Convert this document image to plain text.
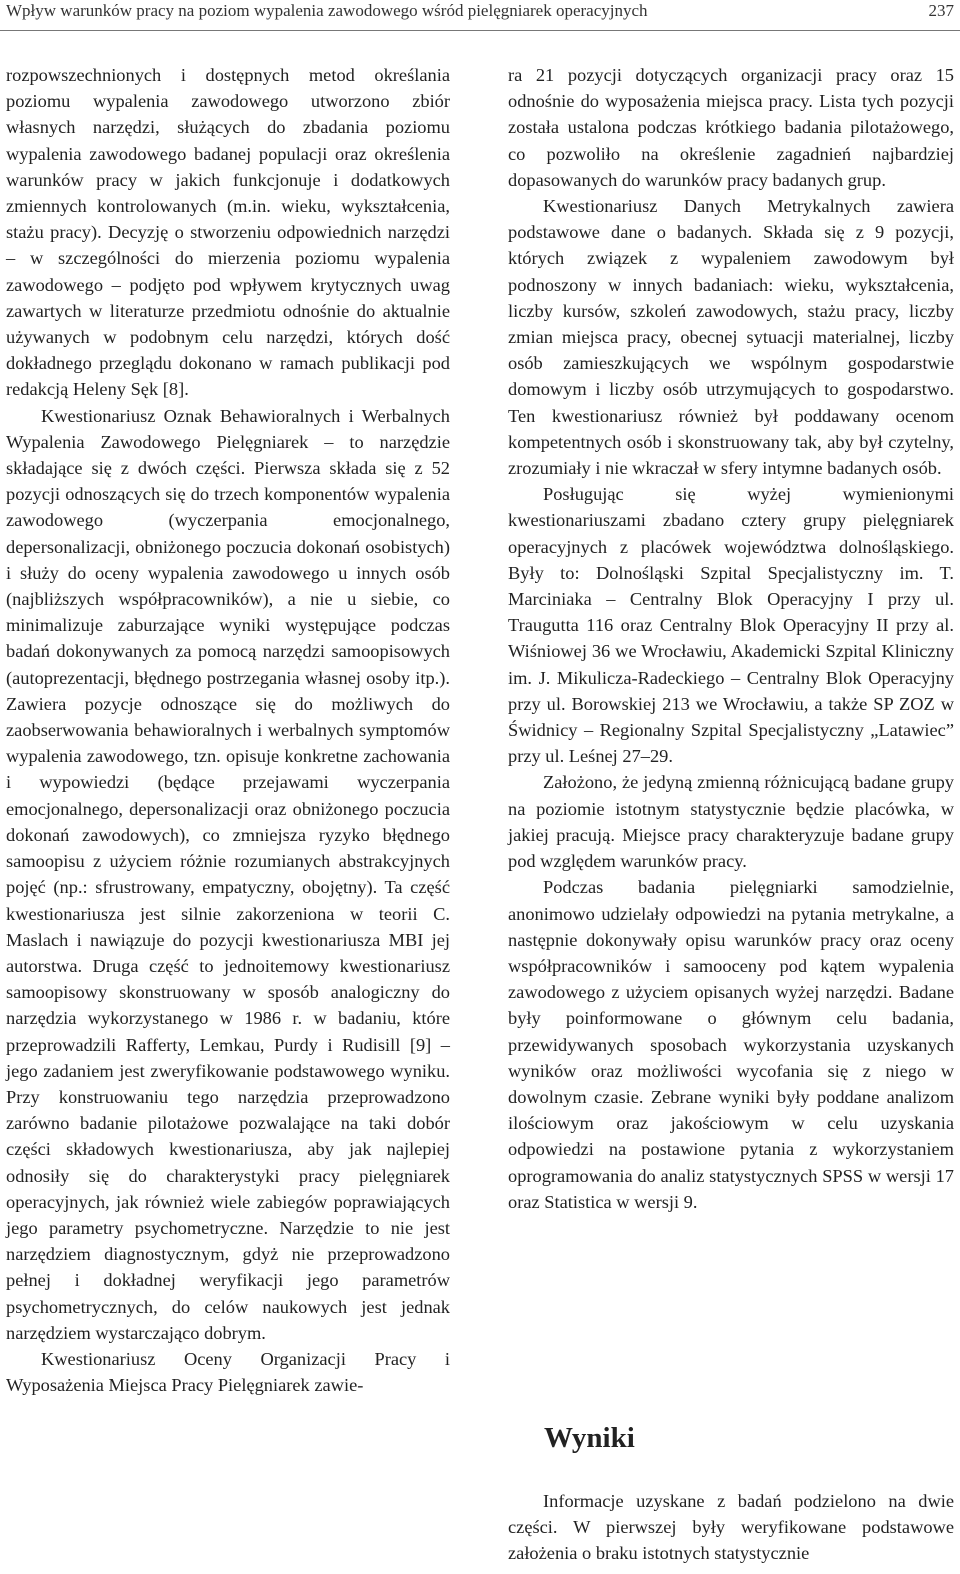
Wpływ warunków pracy na poziom wypalenia zawodowego wśród pielęgniarek operacyjnych	237

rozpowszechnionych i dostępnych metod określania poziomu wypalenia zawodowego utworzono zbiór własnych narzędzi, służących do zbadania poziomu wypalenia zawodowego badanej populacji oraz określenia warunków pracy w jakich funkcjonuje i dodatkowych zmiennych kontrolowanych (m.in. wieku, wykształcenia, stażu pracy). Decyzję o stworzeniu odpowiednich narzędzi – w szczególności do mierzenia poziomu wypalenia zawodowego – podjęto pod wpływem krytycznych uwag zawartych w literaturze przedmiotu odnośnie do aktualnie używanych w podobnym celu narzędzi, których dość dokładnego przeglądu dokonano w ramach publikacji pod redakcją Heleny Sęk [8].

Kwestionariusz Oznak Behawioralnych i Werbalnych Wypalenia Zawodowego Pielęgniarek – to narzędzie składające się z dwóch części. Pierwsza składa się z 52 pozycji odnoszących się do trzech komponentów wypalenia zawodowego (wyczerpania emocjonalnego, depersonalizacji, obniżonego poczucia dokonań osobistych) i służy do oceny wypalenia zawodowego u innych osób (najbliższych współpracowników), a nie u siebie, co minimalizuje zaburzające wyniki występujące podczas badań dokonywanych za pomocą narzędzi samoopisowych (autoprezentacji, błędnego postrzegania własnej osoby itp.). Zawiera pozycje odnoszące się do możliwych do zaobserwowania behawioralnych i werbalnych symptomów wypalenia zawodowego, tzn. opisuje konkretne zachowania i wypowiedzi (będące przejawami wyczerpania emocjonalnego, depersonalizacji oraz obniżonego poczucia dokonań zawodowych), co zmniejsza ryzyko błędnego samoopisu z użyciem różnie rozumianych abstrakcyjnych pojęć (np.: sfrustrowany, empatyczny, obojętny). Ta część kwestionariusza jest silnie zakorzeniona w teorii C. Maslach i nawiązuje do pozycji kwestionariusza MBI jej autorstwa. Druga część to jednoitemowy kwestionariusz samoopisowy skonstruowany w sposób analogiczny do narzędzia wykorzystanego w 1986 r. w badaniu, które przeprowadzili Rafferty, Lemkau, Purdy i Rudisill [9] – jego zadaniem jest zweryfikowanie podstawowego wyniku. Przy konstruowaniu tego narzędzia przeprowadzono zarówno badanie pilotażowe pozwalające na taki dobór części składowych kwestionariusza, aby jak najlepiej odnosiły się do charakterystyki pracy pielęgniarek operacyjnych, jak również wiele zabiegów poprawiających jego parametry psychometryczne. Narzędzie to nie jest narzędziem diagnostycznym, gdyż nie przeprowadzono pełnej i dokładnej weryfikacji jego parametrów psychometrycznych, do celów naukowych jest jednak narzędziem wystarczająco dobrym.

Kwestionariusz Oceny Organizacji Pracy i Wyposażenia Miejsca Pracy Pielęgniarek zawie-

ra 21 pozycji dotyczących organizacji pracy oraz 15 odnośnie do wyposażenia miejsca pracy. Lista tych pozycji została ustalona podczas krótkiego badania pilotażowego, co pozwoliło na określenie zagadnień najbardziej dopasowanych do warunków pracy badanych grup.

Kwestionariusz Danych Metrykalnych zawiera podstawowe dane o badanych. Składa się z 9 pozycji, których związek z wypaleniem zawodowym był podnoszony w innych badaniach: wieku, wykształcenia, liczby kursów, szkoleń zawodowych, stażu pracy, liczby zmian miejsca pracy, obecnej sytuacji materialnej, liczby osób zamieszkujących we wspólnym gospodarstwie domowym i liczby osób utrzymujących to gospodarstwo. Ten kwestionariusz również był poddawany ocenom kompetentnych osób i skonstruowany tak, aby był czytelny, zrozumiały i nie wkraczał w sfery intymne badanych osób.

Posługując się wyżej wymienionymi kwestionariuszami zbadano cztery grupy pielęgniarek operacyjnych z placówek województwa dolnośląskiego. Były to: Dolnośląski Szpital Specjalistyczny im. T. Marciniaka – Centralny Blok Operacyjny I przy ul. Traugutta 116 oraz Centralny Blok Operacyjny II przy al. Wiśniowej 36 we Wrocławiu, Akademicki Szpital Kliniczny im. J. Mikulicza-Radeckiego – Centralny Blok Operacyjny przy ul. Borowskiej 213 we Wrocławiu, a także SP ZOZ w Świdnicy – Regionalny Szpital Specjalistyczny „Latawiec” przy ul. Leśnej 27–29.

Założono, że jedyną zmienną różnicującą badane grupy na poziomie istotnym statystycznie będzie placówka, w jakiej pracują. Miejsce pracy charakteryzuje badane grupy pod względem warunków pracy.

Podczas badania pielęgniarki samodzielnie, anonimowo udzielały odpowiedzi na pytania metrykalne, a następnie dokonywały opisu warunków pracy oraz oceny współpracowników i samooceny pod kątem wypalenia zawodowego z użyciem opisanych wyżej narzędzi. Badane były poinformowane o głównym celu badania, przewidywanych sposobach wykorzystania uzyskanych wyników oraz możliwości wycofania się z niego w dowolnym czasie. Zebrane wyniki były poddane analizom ilościowym oraz jakościowym w celu uzyskania odpowiedzi na postawione pytania z wykorzystaniem oprogramowania do analiz statystycznych SPSS w wersji 17 oraz Statistica w wersji 9.

Wyniki

Informacje uzyskane z badań podzielono na dwie części. W pierwszej były weryfikowane podstawowe założenia o braku istotnych statystycznie
